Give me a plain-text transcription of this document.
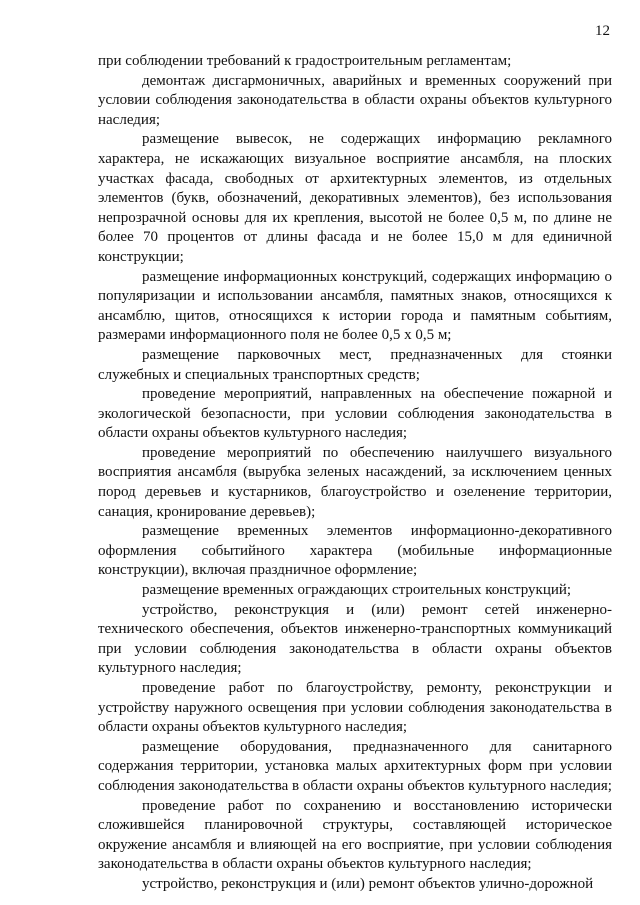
12

при соблюдении требований к градостроительным регламентам;

демонтаж дисгармоничных, аварийных и временных сооружений при условии соблюдения законодательства в области охраны объектов культурного наследия;

размещение вывесок, не содержащих информацию рекламного характера, не искажающих визуальное восприятие ансамбля, на плоских участках фасада, свободных от архитектурных элементов, из отдельных элементов (букв, обозначений, декоративных элементов), без использования непрозрачной основы для их крепления, высотой не более 0,5 м, по длине не более 70 процентов от длины фасада и не более 15,0 м для единичной конструкции;

размещение информационных конструкций, содержащих информацию о популяризации и использовании ансамбля, памятных знаков, относящихся к ансамблю, щитов, относящихся к истории города и памятным событиям, размерами информационного поля не более 0,5 х 0,5 м;

размещение парковочных мест, предназначенных для стоянки служебных и специальных транспортных средств;

проведение мероприятий, направленных на обеспечение пожарной и экологической безопасности, при условии соблюдения законодательства в области охраны объектов культурного наследия;

проведение мероприятий по обеспечению наилучшего визуального восприятия ансамбля (вырубка зеленых насаждений, за исключением ценных пород деревьев и кустарников, благоустройство и озеленение территории, санация, кронирование деревьев);

размещение временных элементов информационно-декоративного оформления событийного характера (мобильные информационные конструкции), включая праздничное оформление;

размещение временных ограждающих строительных конструкций;

устройство, реконструкция и (или) ремонт сетей инженерно-технического обеспечения, объектов инженерно-транспортных коммуникаций при условии соблюдения законодательства в области охраны объектов культурного наследия;

проведение работ по благоустройству, ремонту, реконструкции и устройству наружного освещения при условии соблюдения законодательства в области охраны объектов культурного наследия;

размещение оборудования, предназначенного для санитарного содержания территории, установка малых архитектурных форм при условии соблюдения законодательства в области охраны объектов культурного наследия;

проведение работ по сохранению и восстановлению исторически сложившейся планировочной структуры, составляющей историческое окружение ансамбля и влияющей на его восприятие, при условии соблюдения законодательства в области охраны объектов культурного наследия;

устройство, реконструкция и (или) ремонт объектов улично-дорожной
